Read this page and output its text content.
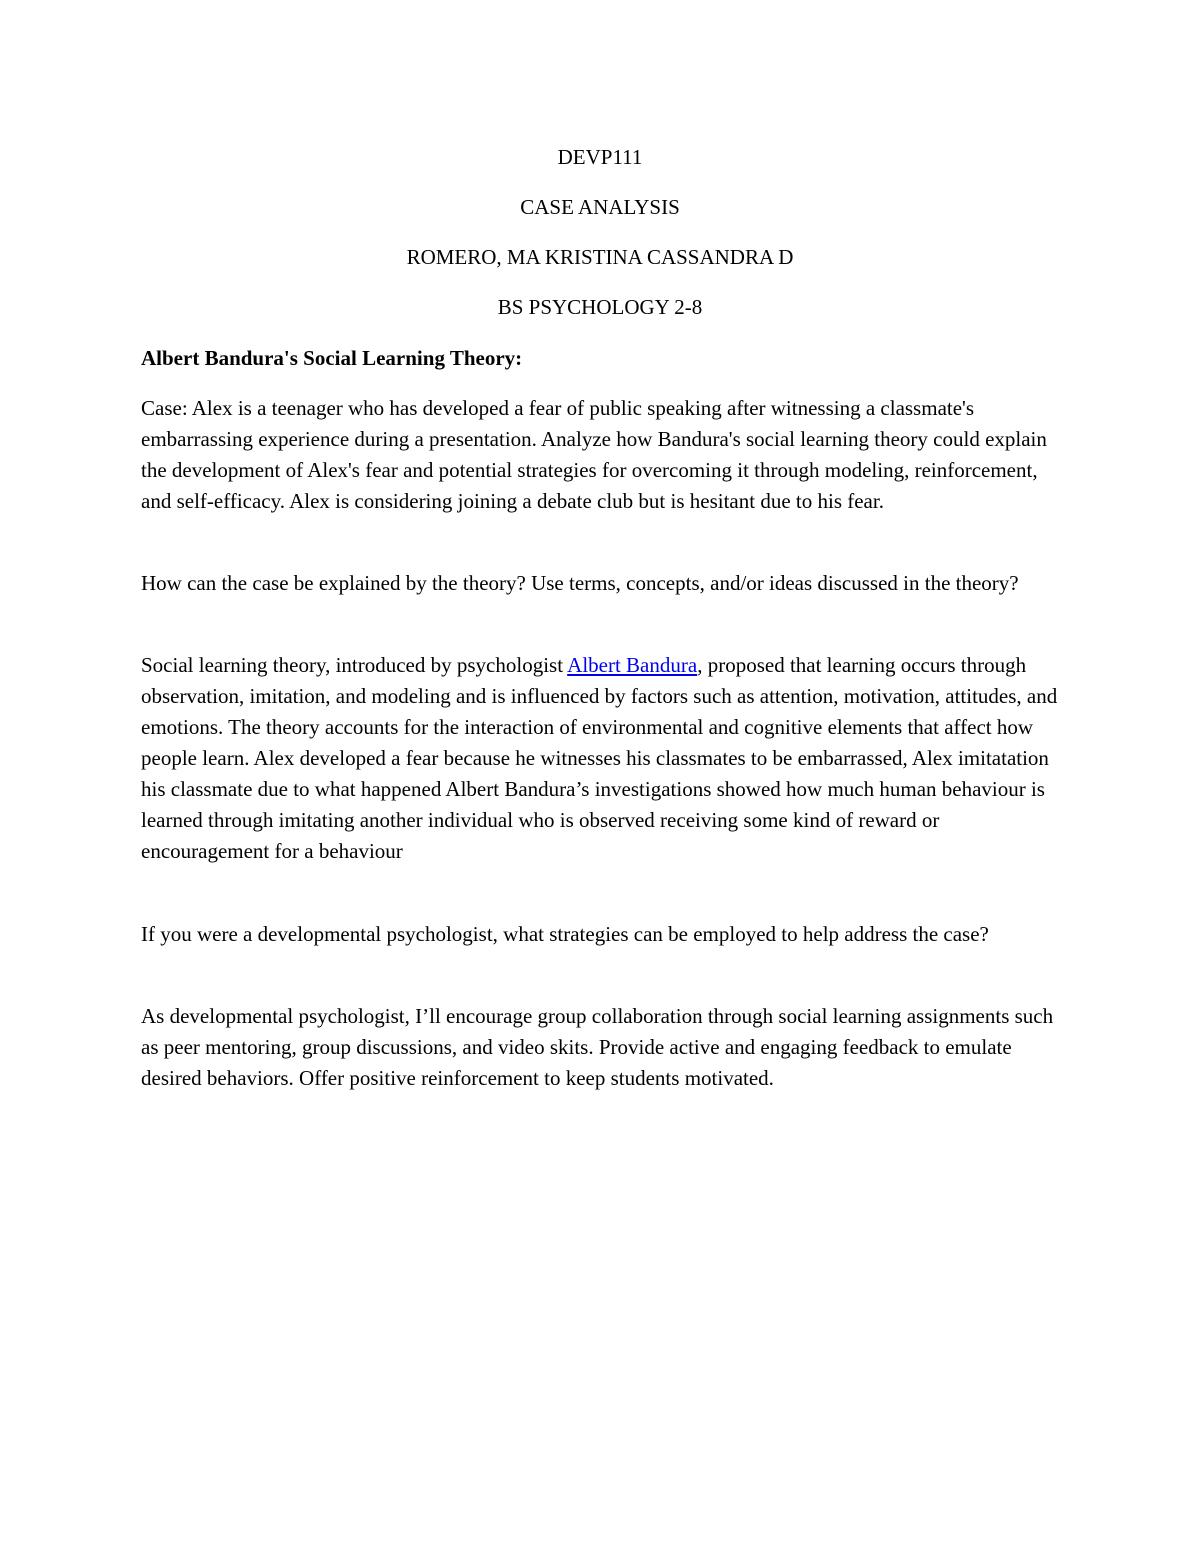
DEVP111
CASE ANALYSIS
ROMERO, MA KRISTINA CASSANDRA D
BS PSYCHOLOGY 2-8

Albert Bandura's Social Learning Theory:

Case: Alex is a teenager who has developed a fear of public speaking after witnessing a classmate's embarrassing experience during a presentation. Analyze how Bandura's social learning theory could explain the development of Alex's fear and potential strategies for overcoming it through modeling, reinforcement, and self-efficacy. Alex is considering joining a debate club but is hesitant due to his fear.

How can the case be explained by the theory? Use terms, concepts, and/or ideas discussed in the theory?

Social learning theory, introduced by psychologist Albert Bandura, proposed that learning occurs through observation, imitation, and modeling and is influenced by factors such as attention, motivation, attitudes, and emotions. The theory accounts for the interaction of environmental and cognitive elements that affect how people learn. Alex developed a fear because he witnesses his classmates to be embarrassed, Alex imitatation his classmate due to what happened Albert Bandura’s investigations showed how much human behaviour is learned through imitating another individual who is observed receiving some kind of reward or encouragement for a behaviour

If you were a developmental psychologist, what strategies can be employed to help address the case?

As developmental psychologist, I’ll encourage group collaboration through social learning assignments such as peer mentoring, group discussions, and video skits. Provide active and engaging feedback to emulate desired behaviors. Offer positive reinforcement to keep students motivated.
